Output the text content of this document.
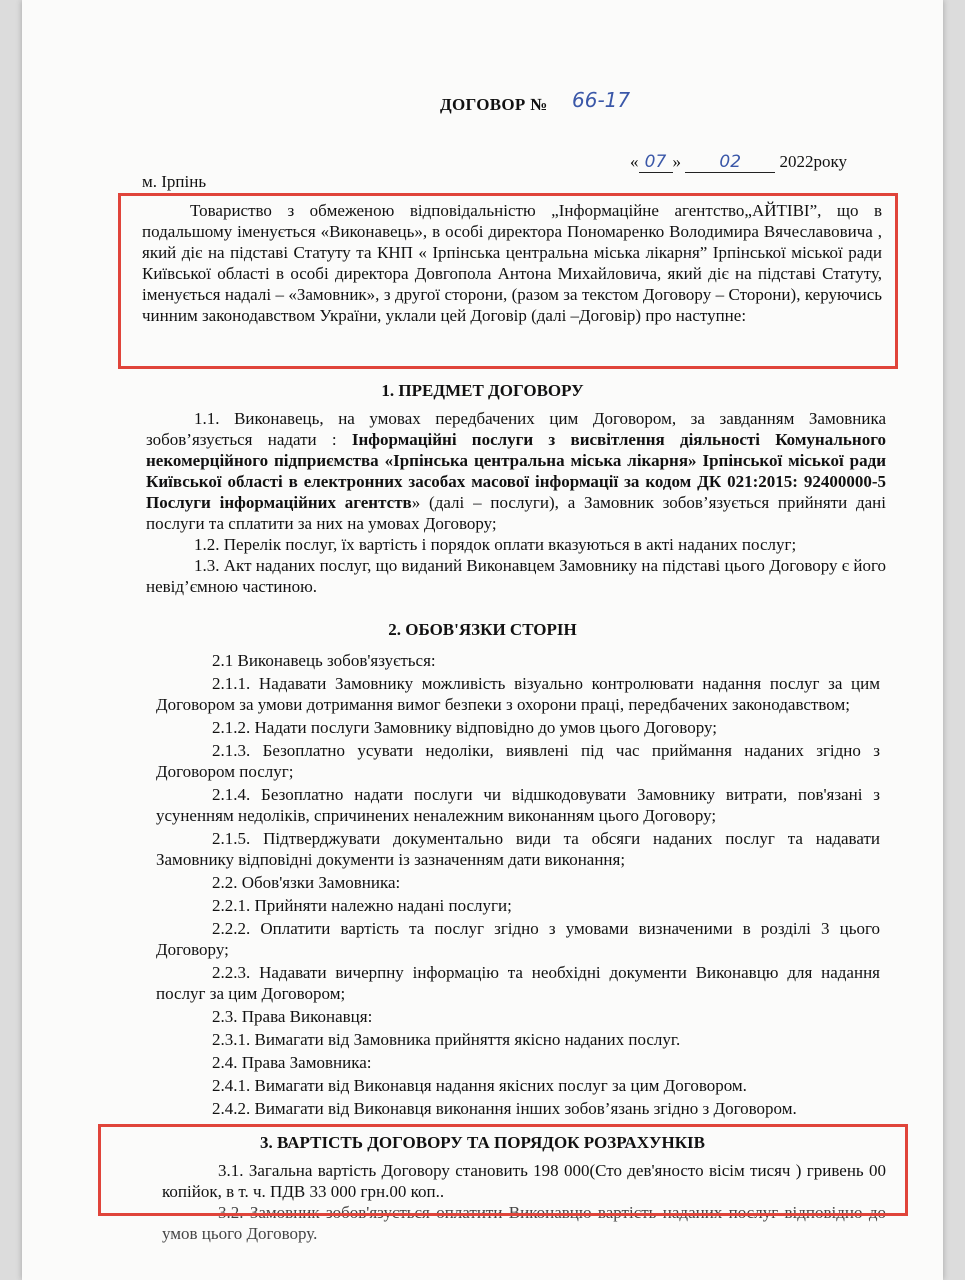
ДОГОВОР № 66-17
« 07 » 02 2022року
м. Ірпінь

Товариство з обмеженою відповідальністю „Інформаційне агентство„АЙТІВІ”, що в подальшому іменується «Виконавець», в особі директора Пономаренко Володимира Вячеславовича , який діє на підставі Статуту та КНП « Ірпінська центральна міська лікарня” Ірпінської міської ради Київської області в особі директора Довгопола Антона Михайловича, який діє на підставі Статуту, іменується надалі – «Замовник», з другої сторони, (разом за текстом Договору – Сторони), керуючись чинним законодавством України, уклали цей Договір (далі –Договір) про наступне:

1. ПРЕДМЕТ ДОГОВОРУ

1.1. Виконавець, на умовах передбачених цим Договором, за завданням Замовника зобов’язується надати : Інформаційні послуги з висвітлення діяльності Комунального некомерційного підприємства «Ірпінська центральна міська лікарня» Ірпінської міської ради Київської області в електронних засобах масової інформації за кодом ДК 021:2015: 92400000-5 Послуги інформаційних агентств» (далі – послуги), а Замовник зобов’язується прийняти дані послуги та сплатити за них на умовах Договору;

1.2. Перелік послуг, їх вартість і порядок оплати вказуються в акті наданих послуг;

1.3. Акт наданих послуг, що виданий Виконавцем Замовнику на підставі цього Договору є його невід’ємною частиною.

2. ОБОВ'ЯЗКИ СТОРІН

2.1 Виконавець зобов'язується:

2.1.1. Надавати Замовнику можливість візуально контролювати надання послуг за цим Договором за умови дотримання вимог безпеки з охорони праці, передбачених законодавством;

2.1.2. Надати послуги Замовнику відповідно до умов цього Договору;

2.1.3. Безоплатно усувати недоліки, виявлені під час приймання наданих згідно з Договором послуг;

2.1.4. Безоплатно надати послуги чи відшкодовувати Замовнику витрати, пов'язані з усуненням недоліків, спричинених неналежним виконанням цього Договору;

2.1.5. Підтверджувати документально види та обсяги наданих послуг та надавати Замовнику відповідні документи із зазначенням дати виконання;

2.2. Обов'язки Замовника:

2.2.1. Прийняти належно надані послуги;

2.2.2. Оплатити вартість та послуг згідно з умовами визначеними в розділі 3 цього Договору;

2.2.3. Надавати вичерпну інформацію та необхідні документи Виконавцю для надання послуг за цим Договором;

2.3. Права Виконавця:

2.3.1. Вимагати від Замовника прийняття якісно наданих послуг.

2.4. Права Замовника:

2.4.1. Вимагати від Виконавця надання якісних послуг за цим Договором.

2.4.2. Вимагати від Виконавця виконання інших зобов’язань згідно з Договором.

3. ВАРТІСТЬ ДОГОВОРУ ТА ПОРЯДОК РОЗРАХУНКІВ

3.1. Загальна вартість Договору становить 198 000(Сто дев'яносто вісім тисяч ) гривень 00 копійок, в т. ч. ПДВ 33 000 грн.00 коп..

3.2. Замовник зобов'язується оплатити Виконавцю вартість наданих послуг відповідно до умов цього Договору.
